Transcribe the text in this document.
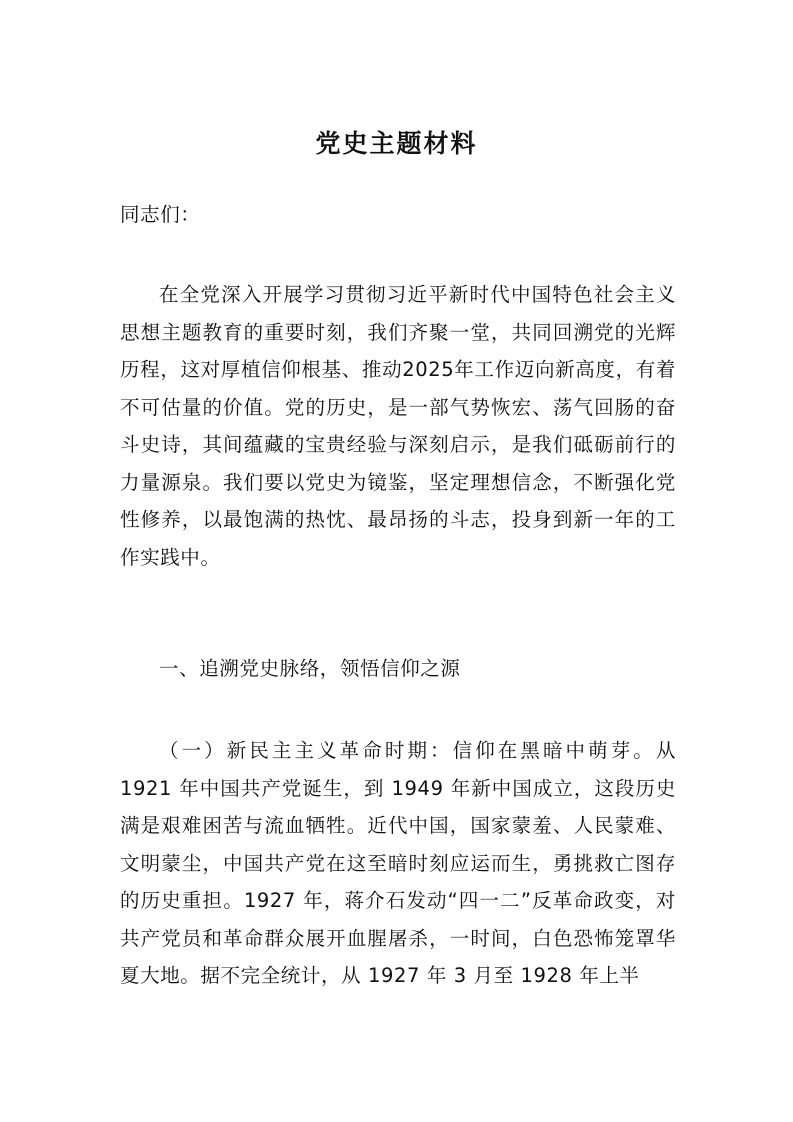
党史主题材料
同志们：
在全党深入开展学习贯彻习近平新时代中国特色社会主义思想主题教育的重要时刻，我们齐聚一堂，共同回溯党的光辉历程，这对厚植信仰根基、推动2025年工作迈向新高度，有着不可估量的价值。党的历史，是一部气势恢宏、荡气回肠的奋斗史诗，其间蕴藏的宝贵经验与深刻启示，是我们砥砺前行的力量源泉。我们要以党史为镜鉴，坚定理想信念，不断强化党性修养，以最饱满的热忱、最昂扬的斗志，投身到新一年的工作实践中。
一、追溯党史脉络，领悟信仰之源
（一）新民主主义革命时期：信仰在黑暗中萌芽。从 1921 年中国共产党诞生，到 1949 年新中国成立，这段历史满是艰难困苦与流血牺牲。近代中国，国家蒙羞、人民蒙难、文明蒙尘，中国共产党在这至暗时刻应运而生，勇挑救亡图存的历史重担。1927 年，蒋介石发动“四一二”反革命政变，对共产党员和革命群众展开血腥屠杀，一时间，白色恐怖笼罩华夏大地。据不完全统计，从 1927 年 3 月至 1928 年上半
